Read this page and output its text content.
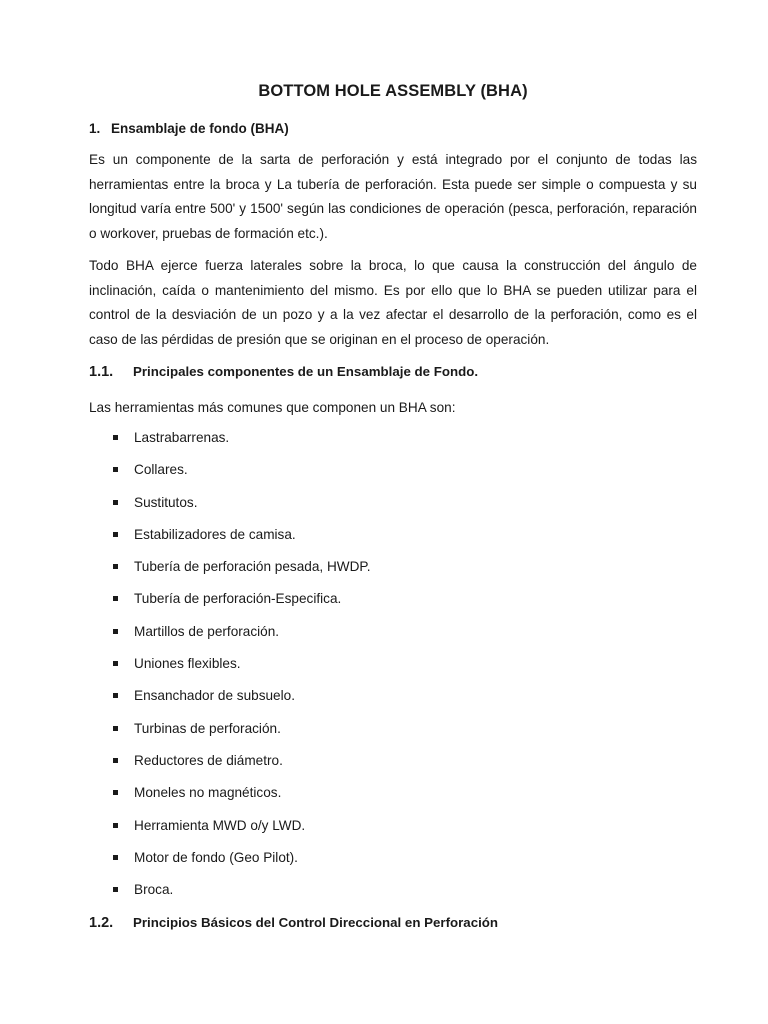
BOTTOM HOLE ASSEMBLY (BHA)
1. Ensamblaje de fondo (BHA)

Es un componente de la sarta de perforación y está integrado por el conjunto de todas las herramientas entre la broca y La tubería de perforación. Esta puede ser simple o compuesta y su longitud varía entre 500' y 1500' según las condiciones de operación (pesca, perforación, reparación o workover, pruebas de formación etc.).

Todo BHA ejerce fuerza laterales sobre la broca, lo que causa la construcción del ángulo de inclinación, caída o mantenimiento del mismo. Es por ello que lo BHA se pueden utilizar para el control de la desviación de un pozo y a la vez afectar el desarrollo de la perforación, como es el caso de las pérdidas de presión que se originan en el proceso de operación.

1.1. Principales componentes de un Ensamblaje de Fondo.
Las herramientas más comunes que componen un BHA son:
Lastrabarrenas.
Collares.
Sustitutos.
Estabilizadores de camisa.
Tubería de perforación pesada, HWDP.
Tubería de perforación-Especifica.
Martillos de perforación.
Uniones flexibles.
Ensanchador de subsuelo.
Turbinas de perforación.
Reductores de diámetro.
Moneles no magnéticos.
Herramienta MWD o/y LWD.
Motor de fondo (Geo Pilot).
Broca.
1.2. Principios Básicos del Control Direccional en Perforación
